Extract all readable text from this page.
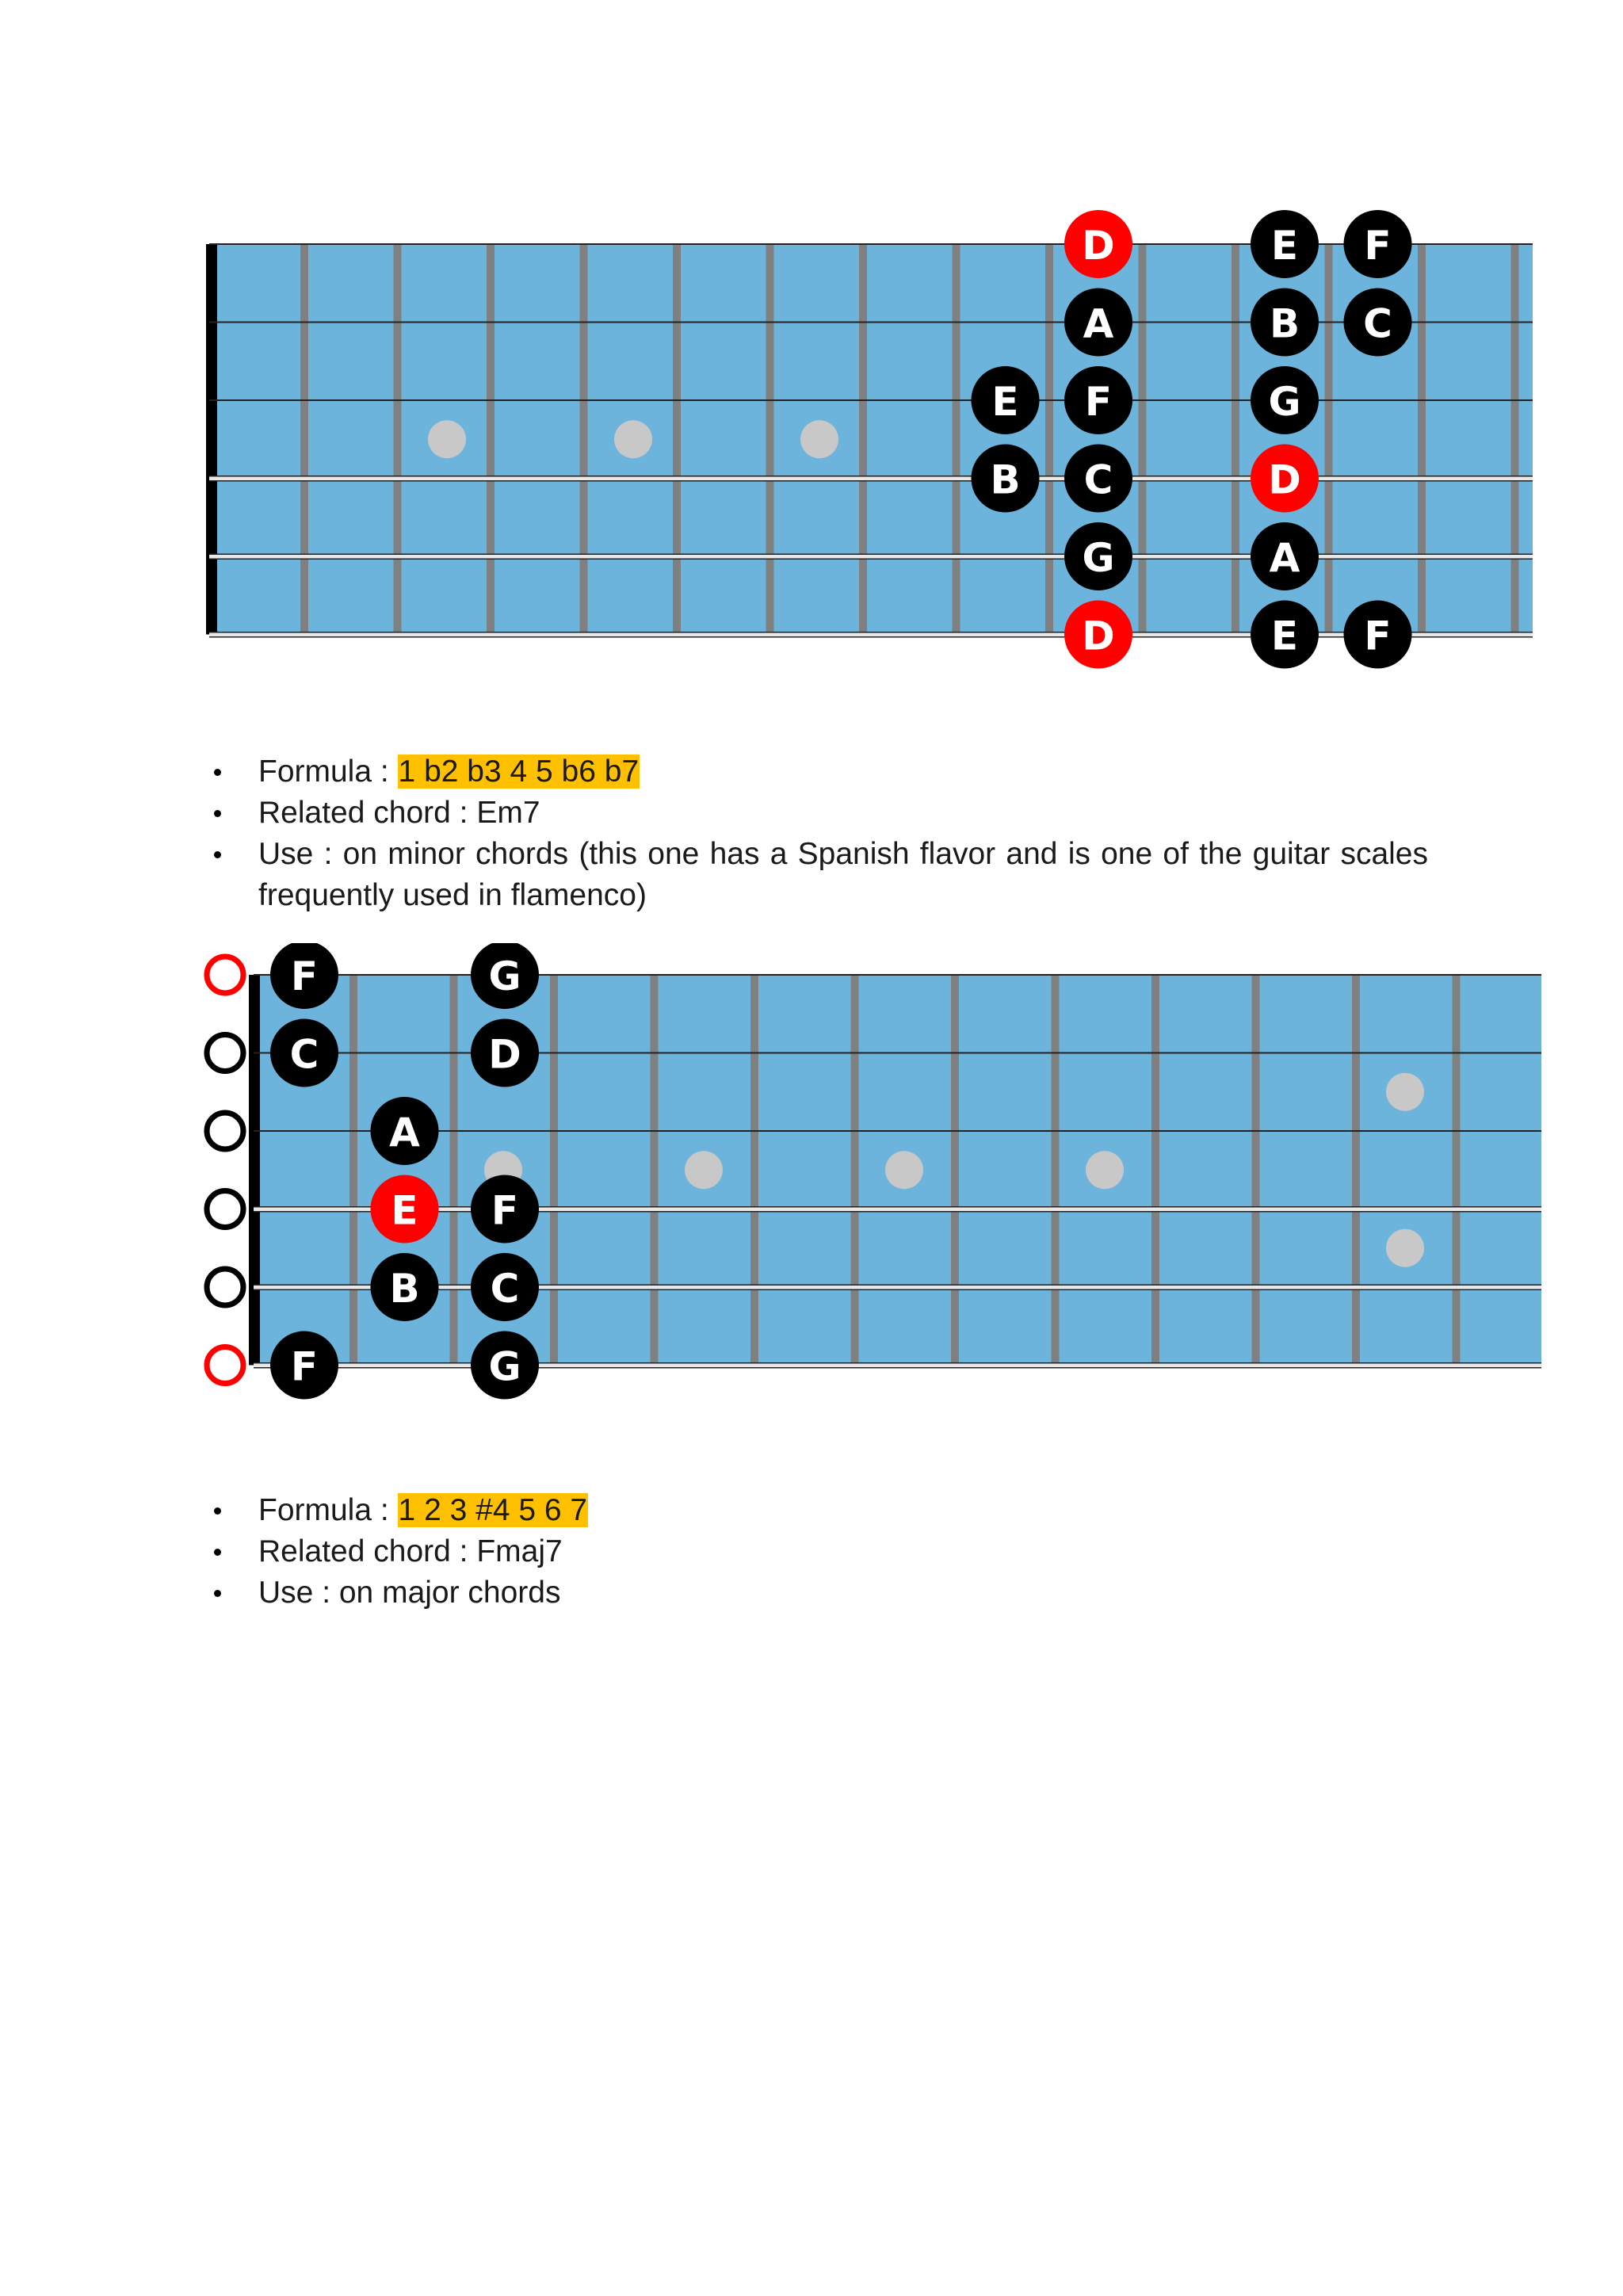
D	E F
A	B C
E F	G
B C	D
G	A
D	E F
Formula : 1 b2 b3 4 5 b6 b7
Related chord : Em7
Use : on minor chords (this one has a Spanish flavor and is one of the guitar scales frequently used in flamenco)
F	G
C	D
A
E F
B C
F	G
Formula : 1 2 3 #4 5 6 7
Related chord : Fmaj7
Use : on major chords
